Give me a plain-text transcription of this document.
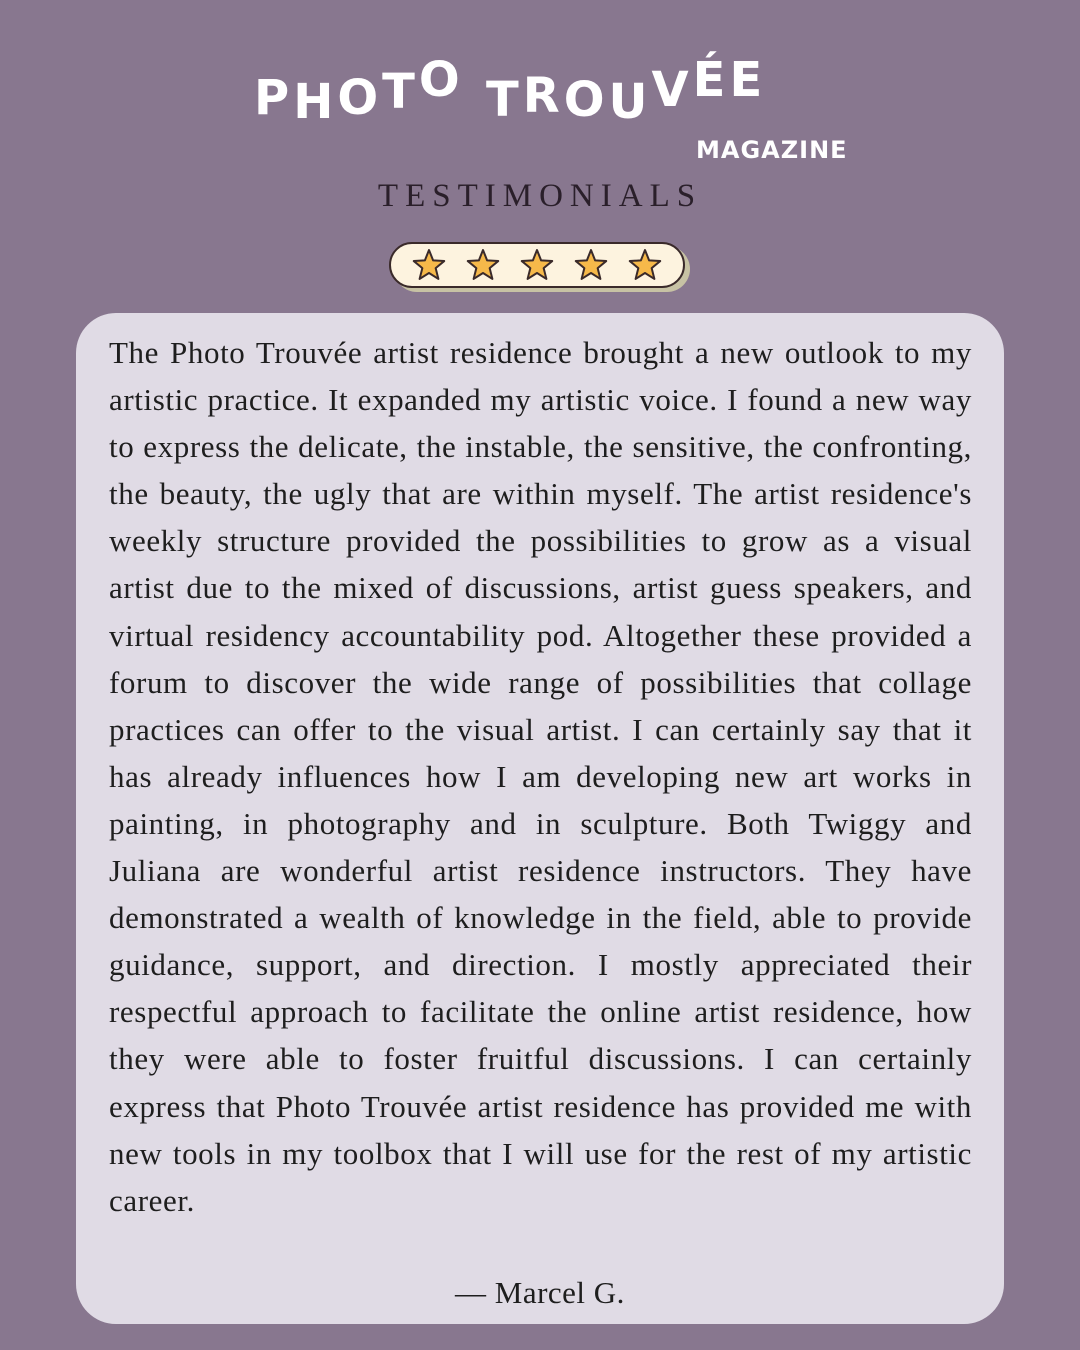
PHOTO TROUVÉE
MAGAZINE
TESTIMONIALS

The Photo Trouvée artist residence brought a new outlook to my artistic practice. It expanded my artistic voice. I found a new way to express the delicate, the instable, the sensitive, the confronting, the beauty, the ugly that are within myself. The artist residence's weekly structure provided the possibilities to grow as a visual artist due to the mixed of discussions, artist guess speakers, and virtual residency accountability pod. Altogether these provided a forum to discover the wide range of possibilities that collage practices can offer to the visual artist. I can certainly say that it has already influences how I am developing new art works in painting, in photography and in sculpture. Both Twiggy and Juliana are wonderful artist residence instructors. They have demonstrated a wealth of knowledge in the field, able to provide guidance, support, and direction. I mostly appreciated their respectful approach to facilitate the online artist residence, how they were able to foster fruitful discussions. I can certainly express that Photo Trouvée artist residence has provided me with new tools in my toolbox that I will use for the rest of my artistic career.

— Marcel G.
